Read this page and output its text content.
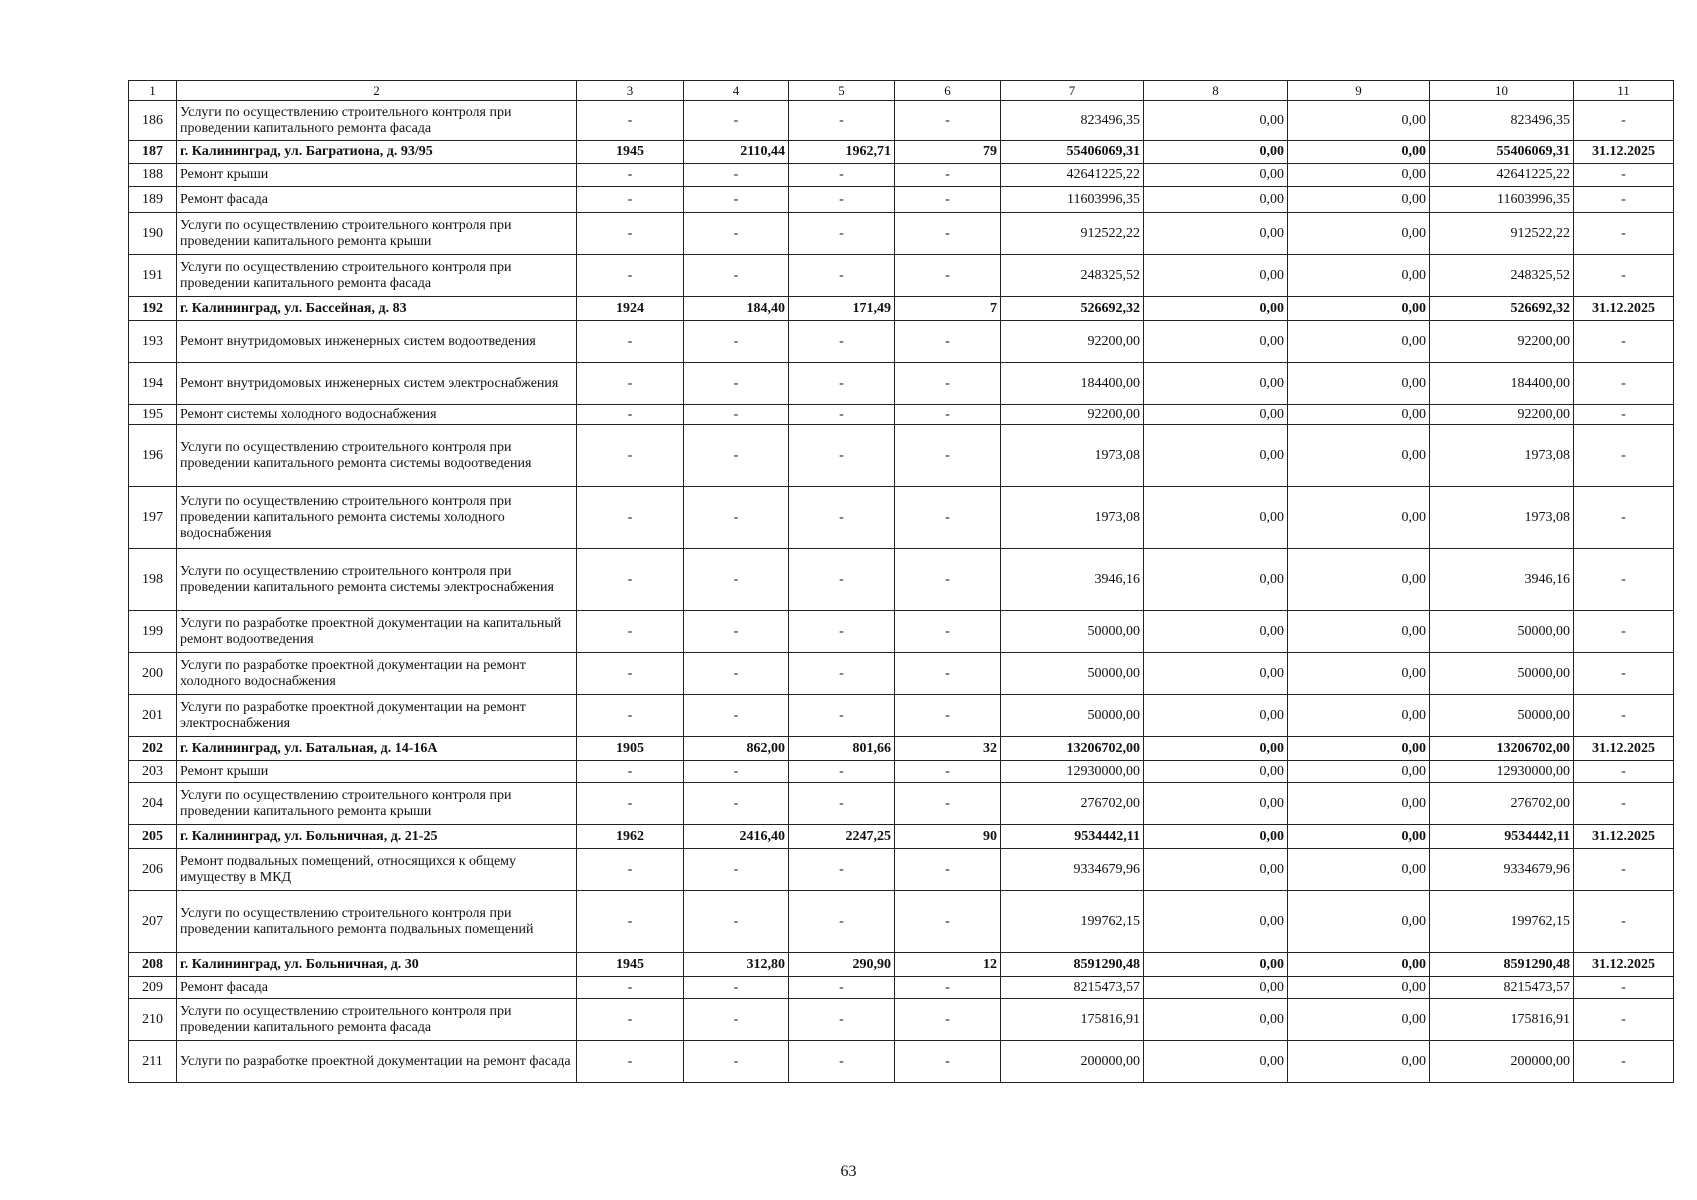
1	2	3	4	5	6	7	8	9	10	11
186	Услуги по осуществлению строительного контроля при проведении капитального ремонта фасада	-	-	-	-	823496,35	0,00	0,00	823496,35	-
187	г. Калининград, ул. Багратиона, д. 93/95	1945	2110,44	1962,71	79	55406069,31	0,00	0,00	55406069,31	31.12.2025
188	Ремонт крыши	-	-	-	-	42641225,22	0,00	0,00	42641225,22	-
189	Ремонт фасада	-	-	-	-	11603996,35	0,00	0,00	11603996,35	-
190	Услуги по осуществлению строительного контроля при проведении капитального ремонта крыши	-	-	-	-	912522,22	0,00	0,00	912522,22	-
191	Услуги по осуществлению строительного контроля при проведении капитального ремонта фасада	-	-	-	-	248325,52	0,00	0,00	248325,52	-
192	г. Калининград, ул. Бассейная, д. 83	1924	184,40	171,49	7	526692,32	0,00	0,00	526692,32	31.12.2025
193	Ремонт внутридомовых инженерных систем водоотведения	-	-	-	-	92200,00	0,00	0,00	92200,00	-
194	Ремонт внутридомовых инженерных систем электроснабжения	-	-	-	-	184400,00	0,00	0,00	184400,00	-
195	Ремонт системы холодного водоснабжения	-	-	-	-	92200,00	0,00	0,00	92200,00	-
196	Услуги по осуществлению строительного контроля при проведении капитального ремонта системы водоотведения	-	-	-	-	1973,08	0,00	0,00	1973,08	-
197	Услуги по осуществлению строительного контроля при проведении капитального ремонта системы холодного водоснабжения	-	-	-	-	1973,08	0,00	0,00	1973,08	-
198	Услуги по осуществлению строительного контроля при проведении капитального ремонта системы электроснабжения	-	-	-	-	3946,16	0,00	0,00	3946,16	-
199	Услуги по разработке проектной документации на капитальный ремонт водоотведения	-	-	-	-	50000,00	0,00	0,00	50000,00	-
200	Услуги по разработке проектной документации на ремонт холодного водоснабжения	-	-	-	-	50000,00	0,00	0,00	50000,00	-
201	Услуги по разработке проектной документации на ремонт электроснабжения	-	-	-	-	50000,00	0,00	0,00	50000,00	-
202	г. Калининград, ул. Батальная, д. 14-16А	1905	862,00	801,66	32	13206702,00	0,00	0,00	13206702,00	31.12.2025
203	Ремонт крыши	-	-	-	-	12930000,00	0,00	0,00	12930000,00	-
204	Услуги по осуществлению строительного контроля при проведении капитального ремонта крыши	-	-	-	-	276702,00	0,00	0,00	276702,00	-
205	г. Калининград, ул. Больничная, д. 21-25	1962	2416,40	2247,25	90	9534442,11	0,00	0,00	9534442,11	31.12.2025
206	Ремонт подвальных помещений, относящихся к общему имуществу в МКД	-	-	-	-	9334679,96	0,00	0,00	9334679,96	-
207	Услуги по осуществлению строительного контроля при проведении капитального ремонта подвальных помещений	-	-	-	-	199762,15	0,00	0,00	199762,15	-
208	г. Калининград, ул. Больничная, д. 30	1945	312,80	290,90	12	8591290,48	0,00	0,00	8591290,48	31.12.2025
209	Ремонт фасада	-	-	-	-	8215473,57	0,00	0,00	8215473,57	-
210	Услуги по осуществлению строительного контроля при проведении капитального ремонта фасада	-	-	-	-	175816,91	0,00	0,00	175816,91	-
211	Услуги по разработке проектной документации на ремонт фасада	-	-	-	-	200000,00	0,00	0,00	200000,00	-
63
